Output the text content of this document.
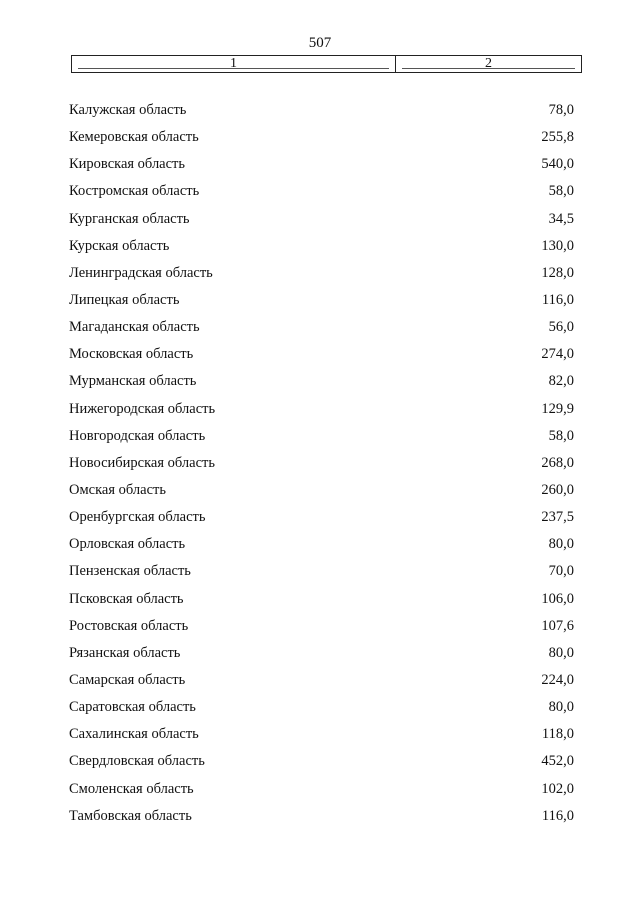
507
1	2
Калужская область	78,0
Кемеровская область	255,8
Кировская область	540,0
Костромская область	58,0
Курганская область	34,5
Курская область	130,0
Ленинградская область	128,0
Липецкая область	116,0
Магаданская область	56,0
Московская область	274,0
Мурманская область	82,0
Нижегородская область	129,9
Новгородская область	58,0
Новосибирская область	268,0
Омская область	260,0
Оренбургская область	237,5
Орловская область	80,0
Пензенская область	70,0
Псковская область	106,0
Ростовская область	107,6
Рязанская область	80,0
Самарская область	224,0
Саратовская область	80,0
Сахалинская область	118,0
Свердловская область	452,0
Смоленская область	102,0
Тамбовская область	116,0
